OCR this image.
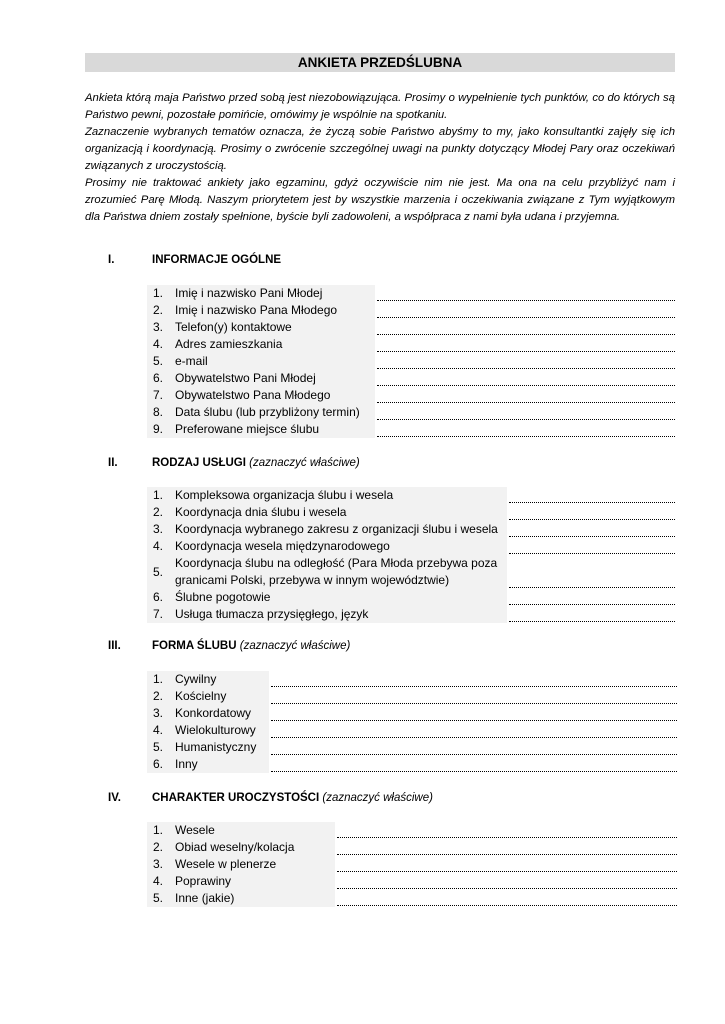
ANKIETA PRZEDŚLUBNA

Ankieta którą maja Państwo przed sobą jest niezobowiązująca. Prosimy o wypełnienie tych punktów, co do których są Państwo pewni, pozostałe pomińcie, omówimy je wspólnie na spotkaniu.

Zaznaczenie wybranych tematów oznacza, że życzą sobie Państwo abyśmy to my, jako konsultantki zajęły się ich organizacją i koordynacją. Prosimy o zwrócenie szczególnej uwagi na punkty dotyczący Młodej Pary oraz oczekiwań związanych z uroczystością.

Prosimy nie traktować ankiety jako egzaminu, gdyż oczywiście nim nie jest. Ma ona na celu przybliżyć nam i zrozumieć Parę Młodą. Naszym priorytetem jest by wszystkie marzenia i oczekiwania związane z Tym wyjątkowym dla Państwa dniem zostały spełnione, byście byli zadowoleni, a współpraca z nami była udana i przyjemna.

I.	INFORMACJE OGÓLNE
1. Imię i nazwisko Pani Młodej
2. Imię i nazwisko Pana Młodego
3. Telefon(y) kontaktowe
4. Adres zamieszkania
5. e-mail
6. Obywatelstwo Pani Młodej
7. Obywatelstwo Pana Młodego
8. Data ślubu (lub przybliżony termin)
9. Preferowane miejsce ślubu
II.	RODZAJ USŁUGI (zaznaczyć właściwe)
1. Kompleksowa organizacja ślubu i wesela
2. Koordynacja dnia ślubu i wesela
3. Koordynacja wybranego zakresu z organizacji ślubu i wesela
4. Koordynacja wesela międzynarodowego
5.
Koordynacja ślubu na odległość (Para Młoda przebywa poza granicami Polski, przebywa w innym województwie)
6. Ślubne pogotowie
7. Usługa tłumacza przysięgłego, język
III.	FORMA ŚLUBU (zaznaczyć właściwe)
1. Cywilny
2. Kościelny
3. Konkordatowy
4. Wielokulturowy
5. Humanistyczny
6. Inny
IV.	CHARAKTER UROCZYSTOŚCI (zaznaczyć właściwe)
1. Wesele
2. Obiad weselny/kolacja
3. Wesele w plenerze
4. Poprawiny
5. Inne (jakie)
